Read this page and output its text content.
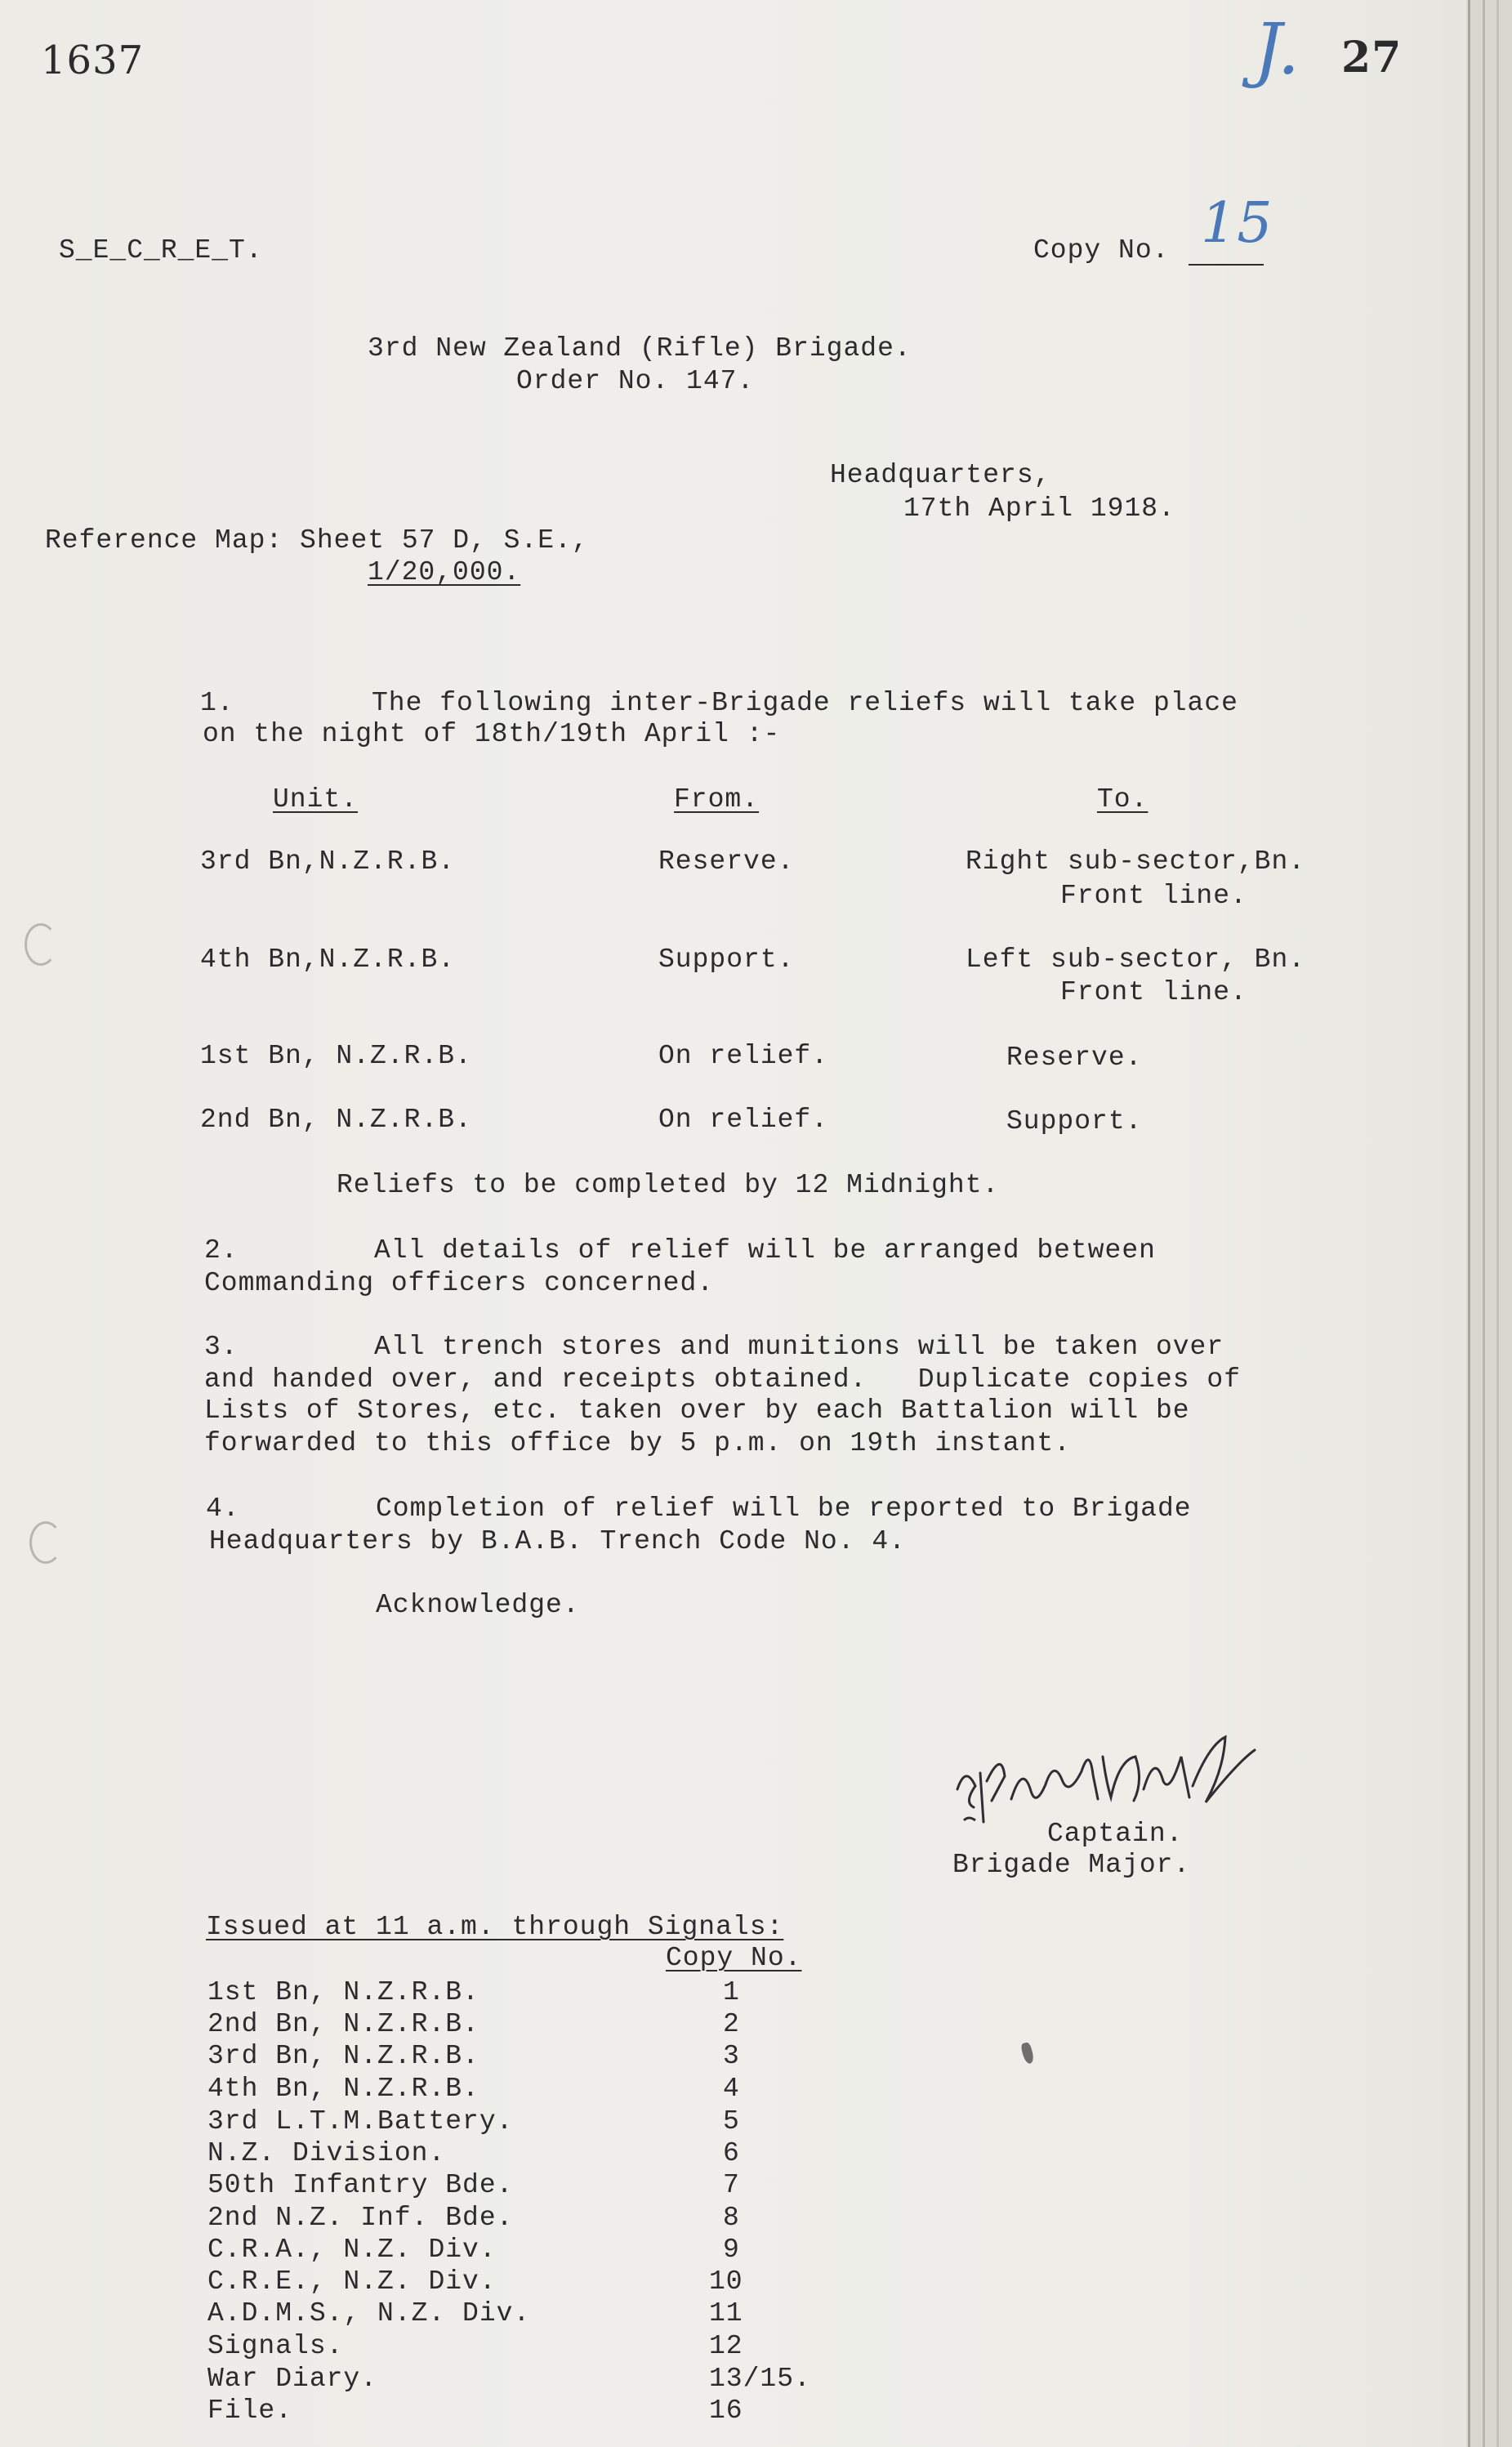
1637	J. 27
S_E_C_R_E_T.	Copy No. 15
3rd New Zealand (Rifle) Brigade.
Order No. 147.
Headquarters,
17th April 1918.
Reference Map: Sheet 57 D, S.E.,
1/20,000.
1.	The following inter-Brigade reliefs will take place
on the night of 18th/19th April :-
Unit.	From.	To.
3rd Bn,N.Z.R.B.	Reserve.	Right sub-sector,Bn.
Front line.
4th Bn,N.Z.R.B.	Support.	Left sub-sector, Bn.
Front line.
1st Bn, N.Z.R.B.	On relief.	Reserve.
2nd Bn, N.Z.R.B.	On relief.	Support.
Reliefs to be completed by 12 Midnight.
2.	All details of relief will be arranged between
Commanding officers concerned.
3.	All trench stores and munitions will be taken over
and handed over, and receipts obtained.   Duplicate copies of
Lists of Stores, etc. taken over by each Battalion will be
forwarded to this office by 5 p.m. on 19th instant.
4.	Completion of relief will be reported to Brigade
Headquarters by B.A.B. Trench Code No. 4.
Acknowledge.
Captain.
Brigade Major.
Issued at 11 a.m. through Signals:
Copy No.
1st Bn, N.Z.R.B.	1
2nd Bn, N.Z.R.B.	2
3rd Bn, N.Z.R.B.	3
4th Bn, N.Z.R.B.	4
3rd L.T.M.Battery.	5
N.Z. Division.	6
50th Infantry Bde.	7
2nd N.Z. Inf. Bde.	8
C.R.A., N.Z. Div.	9
C.R.E., N.Z. Div.	10
A.D.M.S., N.Z. Div.	11
Signals.	12
War Diary.	13/15.
File.	16
